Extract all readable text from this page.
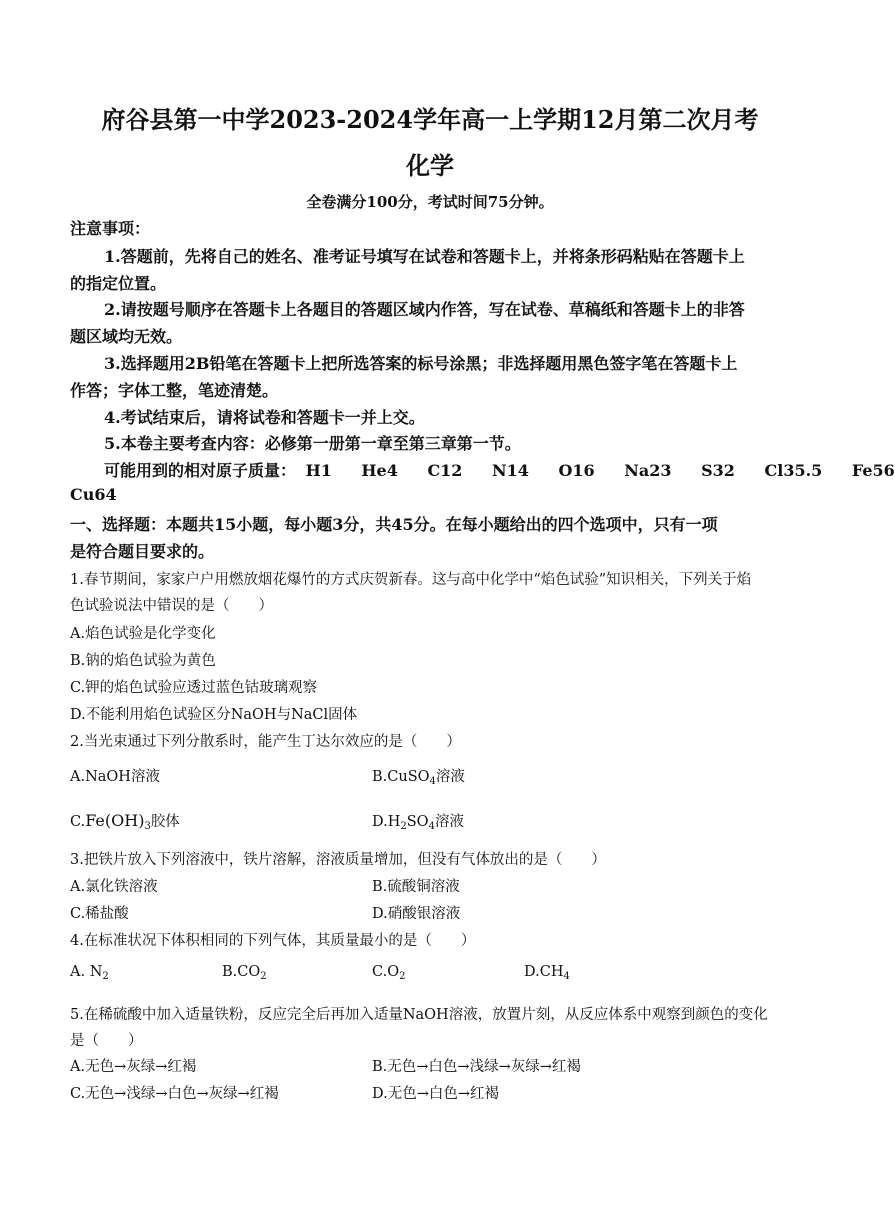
府谷县第一中学2023-2024学年高一上学期12月第二次月考
化学
全卷满分100分，考试时间75分钟。
注意事项：
1.答题前，先将自己的姓名、准考证号填写在试卷和答题卡上，并将条形码粘贴在答题卡上
的指定位置。
2.请按题号顺序在答题卡上各题目的答题区域内作答，写在试卷、草稿纸和答题卡上的非答
题区域均无效。
3.选择题用2B铅笔在答题卡上把所选答案的标号涂黑；非选择题用黑色签字笔在答题卡上
作答；字体工整，笔迹清楚。
4.考试结束后，请将试卷和答题卡一并上交。
5.本卷主要考查内容：必修第一册第一章至第三章第一节。
可能用到的相对原子质量： H1 He4 C12 N14 O16 Na23 S32 Cl35.5 Fe56
Cu64
一、选择题：本题共15小题，每小题3分，共45分。在每小题给出的四个选项中，只有一项
是符合题目要求的。
1.春节期间，家家户户用燃放烟花爆竹的方式庆贺新春。这与高中化学中“焰色试验”知识相关，下列关于焰
色试验说法中错误的是（　　）
A.焰色试验是化学变化
B.钠的焰色试验为黄色
C.钾的焰色试验应透过蓝色钴玻璃观察
D.不能利用焰色试验区分NaOH与NaCl固体
2.当光束通过下列分散系时，能产生丁达尔效应的是（　　）
A.NaOH溶液	B.CuSO$_4$溶液
$C.Fe(OH)_3$胶体	$D.H_2SO_4$溶液
3.把铁片放入下列溶液中，铁片溶解，溶液质量增加，但没有气体放出的是（　　）
A.氯化铁溶液	B.硫酸铜溶液
C.稀盐酸	D.硝酸银溶液
4.在标准状况下体积相同的下列气体，其质量最小的是（　　）
A. $N_2$	$B.CO_2$	$C.O_2$	$D.CH_4$
5.在稀硫酸中加入适量铁粉，反应完全后再加入适量NaOH溶液，放置片刻，从反应体系中观察到颜色的变化
是（　　）
A.无色→灰绿→红褐	B.无色→白色→浅绿→灰绿→红褐
C.无色→浅绿→白色→灰绿→红褐	D.无色→白色→红褐
